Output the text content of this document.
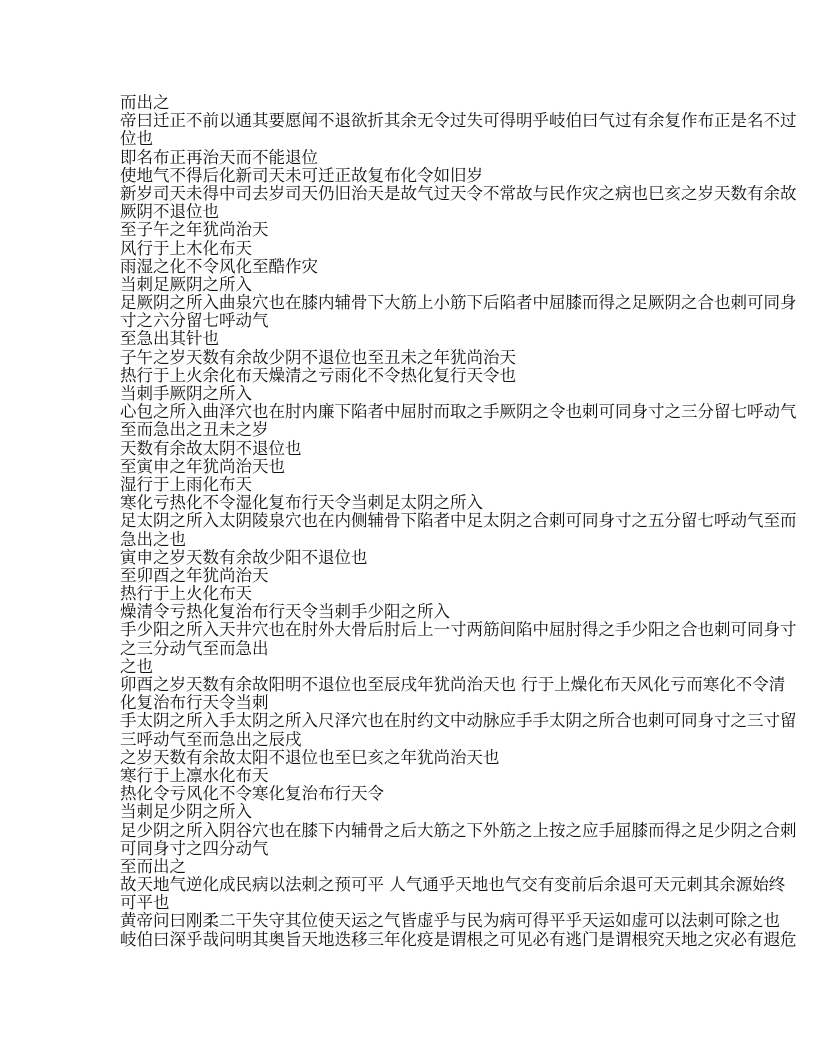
而出之
帝曰迁正不前以通其要愿闻不退欲折其余无令过失可得明乎岐伯曰气过有余复作布正是名不过
位也
即名布正再治天而不能退位
使地气不得后化新司天未可迁正故复布化令如旧岁
新岁司天未得中司去岁司天仍旧治天是故气过天令不常故与民作灾之病也巳亥之岁天数有余故
厥阴不退位也
至子午之年犹尚治天
风行于上木化布天
雨湿之化不令风化至酷作灾
当刺足厥阴之所入
足厥阴之所入曲泉穴也在膝内辅骨下大筋上小筋下后陷者中屈膝而得之足厥阴之合也刺可同身
寸之六分留七呼动气
至急出其针也
子午之岁天数有余故少阴不退位也至丑未之年犹尚治天
热行于上火余化布天燥清之亏雨化不令热化复行天令也
当刺手厥阴之所入
心包之所入曲泽穴也在肘内廉下陷者中屈肘而取之手厥阴之令也刺可同身寸之三分留七呼动气
至而急出之丑未之岁
天数有余故太阴不退位也
至寅申之年犹尚治天也
湿行于上雨化布天
寒化亏热化不令湿化复布行天令当刺足太阴之所入
足太阴之所入太阴陵泉穴也在内侧辅骨下陷者中足太阴之合刺可同身寸之五分留七呼动气至而
急出之也
寅申之岁天数有余故少阳不退位也
至卯酉之年犹尚治天
热行于上火化布天
燥清令亏热化复治布行天令当刺手少阳之所入
手少阳之所入天井穴也在肘外大骨后肘后上一寸两筋间陷中屈肘得之手少阳之合也刺可同身寸
之三分动气至而急出
之也
卯酉之岁天数有余故阳明不退位也至辰戌年犹尚治天也 行于上燥化布天风化亏而寒化不令清
化复治布行天令当刺
手太阴之所入手太阴之所入尺泽穴也在肘约文中动脉应手手太阴之所合也刺可同身寸之三寸留
三呼动气至而急出之辰戌
之岁天数有余故太阳不退位也至巳亥之年犹尚治天也
寒行于上凛水化布天
热化令亏风化不令寒化复治布行天令
当刺足少阴之所入
足少阴之所入阴谷穴也在膝下内辅骨之后大筋之下外筋之上按之应手屈膝而得之足少阴之合刺
可同身寸之四分动气
至而出之
故天地气逆化成民病以法刺之预可平 人气通乎天地也气交有变前后余退可天元刺其余源始终
可平也
黄帝问曰刚柔二干失守其位使天运之气皆虚乎与民为病可得平乎天运如虚可以法刺可除之也
岐伯曰深乎哉问明其奥旨天地迭移三年化疫是谓根之可见必有逃门是谓根究天地之灾必有遐危
